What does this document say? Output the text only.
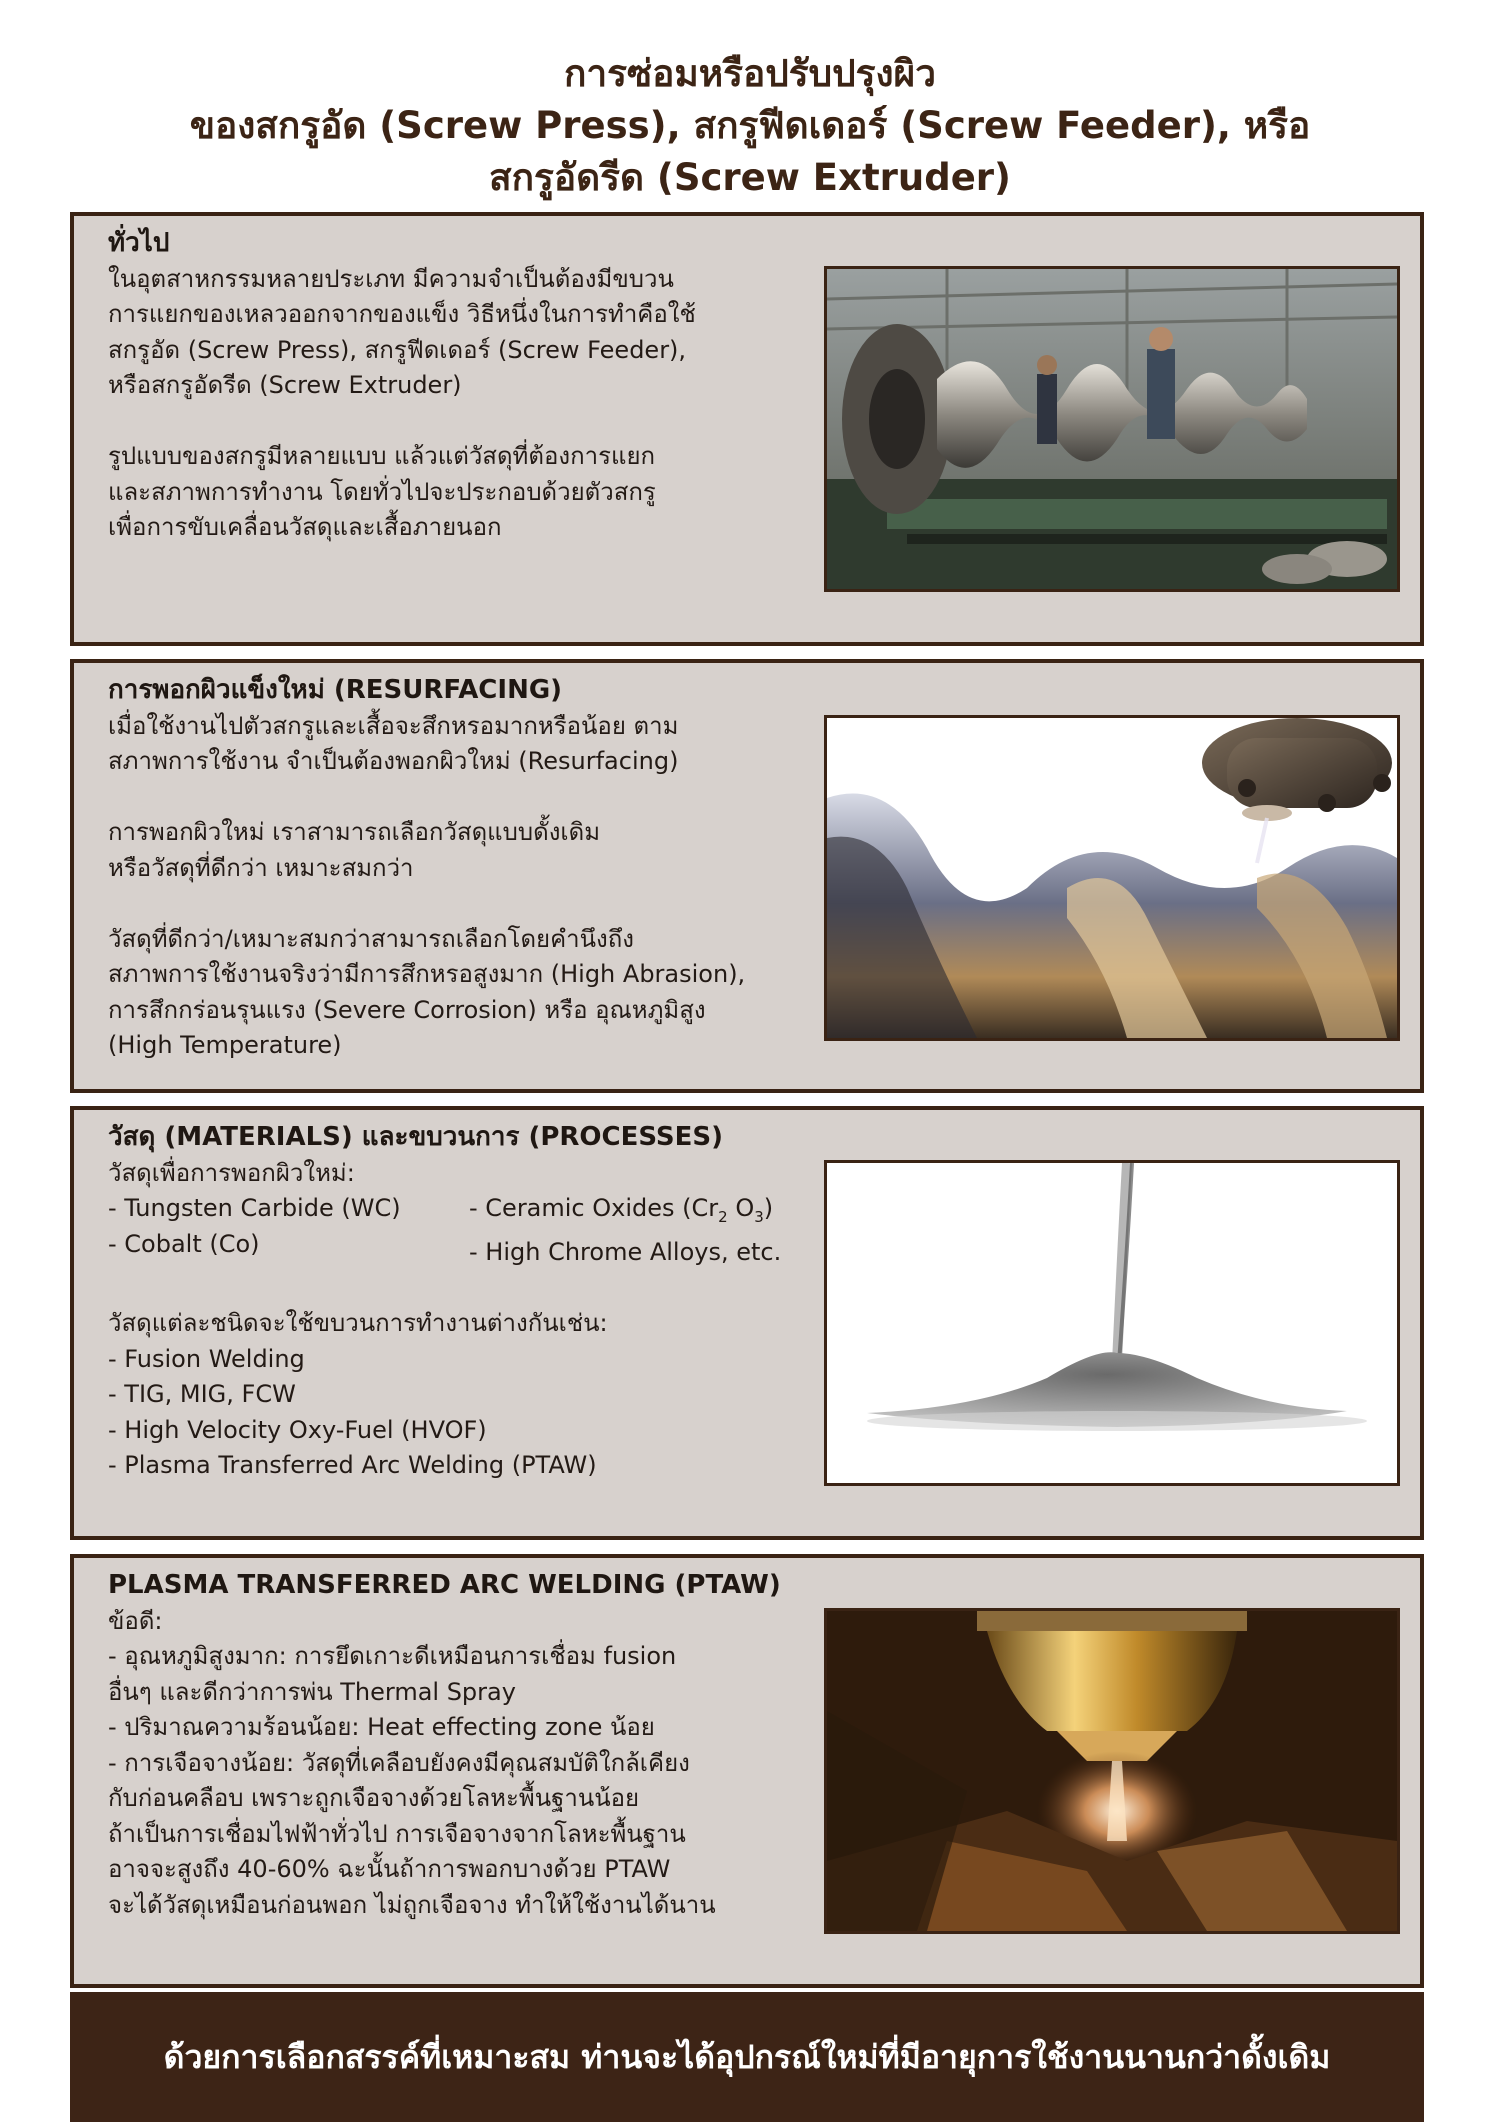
การซ่อมหรือปรับปรุงผิว
ของสกรูอัด (Screw Press), สกรูฟีดเดอร์ (Screw Feeder), หรือ
สกรูอัดรีด (Screw Extruder)
ทั่วไป
ในอุตสาหกรรมหลายประเภท มีความจำเป็นต้องมีขบวน
การแยกของเหลวออกจากของแข็ง วิธีหนึ่งในการทำคือใช้
สกรูอัด (Screw Press), สกรูฟีดเดอร์ (Screw Feeder),
หรือสกรูอัดรีด (Screw Extruder)
รูปแบบของสกรูมีหลายแบบ แล้วแต่วัสดุที่ต้องการแยก
และสภาพการทำงาน โดยทั่วไปจะประกอบด้วยตัวสกรู
เพื่อการขับเคลื่อนวัสดุและเสื้อภายนอก
การพอกผิวแข็งใหม่ (RESURFACING)
เมื่อใช้งานไปตัวสกรูและเสื้อจะสึกหรอมากหรือน้อย ตาม
สภาพการใช้งาน จำเป็นต้องพอกผิวใหม่ (Resurfacing)
การพอกผิวใหม่ เราสามารถเลือกวัสดุแบบดั้งเดิม
หรือวัสดุที่ดีกว่า เหมาะสมกว่า
วัสดุที่ดีกว่า/เหมาะสมกว่าสามารถเลือกโดยคำนึงถึง
สภาพการใช้งานจริงว่ามีการสึกหรอสูงมาก (High Abrasion),
การสึกกร่อนรุนแรง (Severe Corrosion) หรือ อุณหภูมิสูง
(High Temperature)
วัสดุ (MATERIALS) และขบวนการ (PROCESSES)
วัสดุเพื่อการพอกผิวใหม่:
- Tungsten Carbide (WC)
- Cobalt (Co)
- Ceramic Oxides ($Cr_2$ $O_3$)
- High Chrome Alloys, etc.
วัสดุแต่ละชนิดจะใช้ขบวนการทำงานต่างกันเช่น:
- Fusion Welding
- TIG, MIG, FCW
- High Velocity Oxy-Fuel (HVOF)
- Plasma Transferred Arc Welding (PTAW)
PLASMA TRANSFERRED ARC WELDING (PTAW)
ข้อดี:
- อุณหภูมิสูงมาก: การยึดเกาะดีเหมือนการเชื่อม fusion
อื่นๆ และดีกว่าการพ่น Thermal Spray
- ปริมาณความร้อนน้อย: Heat effecting zone น้อย
- การเจือจางน้อย: วัสดุที่เคลือบยังคงมีคุณสมบัติใกล้เคียง
กับก่อนคลือบ เพราะถูกเจือจางด้วยโลหะพื้นฐานน้อย
ถ้าเป็นการเชื่อมไฟฟ้าทั่วไป การเจือจางจากโลหะพื้นฐาน
อาจจะสูงถึง 40-60% ฉะนั้นถ้าการพอกบางด้วย PTAW
จะได้วัสดุเหมือนก่อนพอก ไม่ถูกเจือจาง ทำให้ใช้งานได้นาน
ด้วยการเลือกสรรค์ที่เหมาะสม ท่านจะได้อุปกรณ์ใหม่ที่มีอายุการใช้งานนานกว่าดั้งเดิม
